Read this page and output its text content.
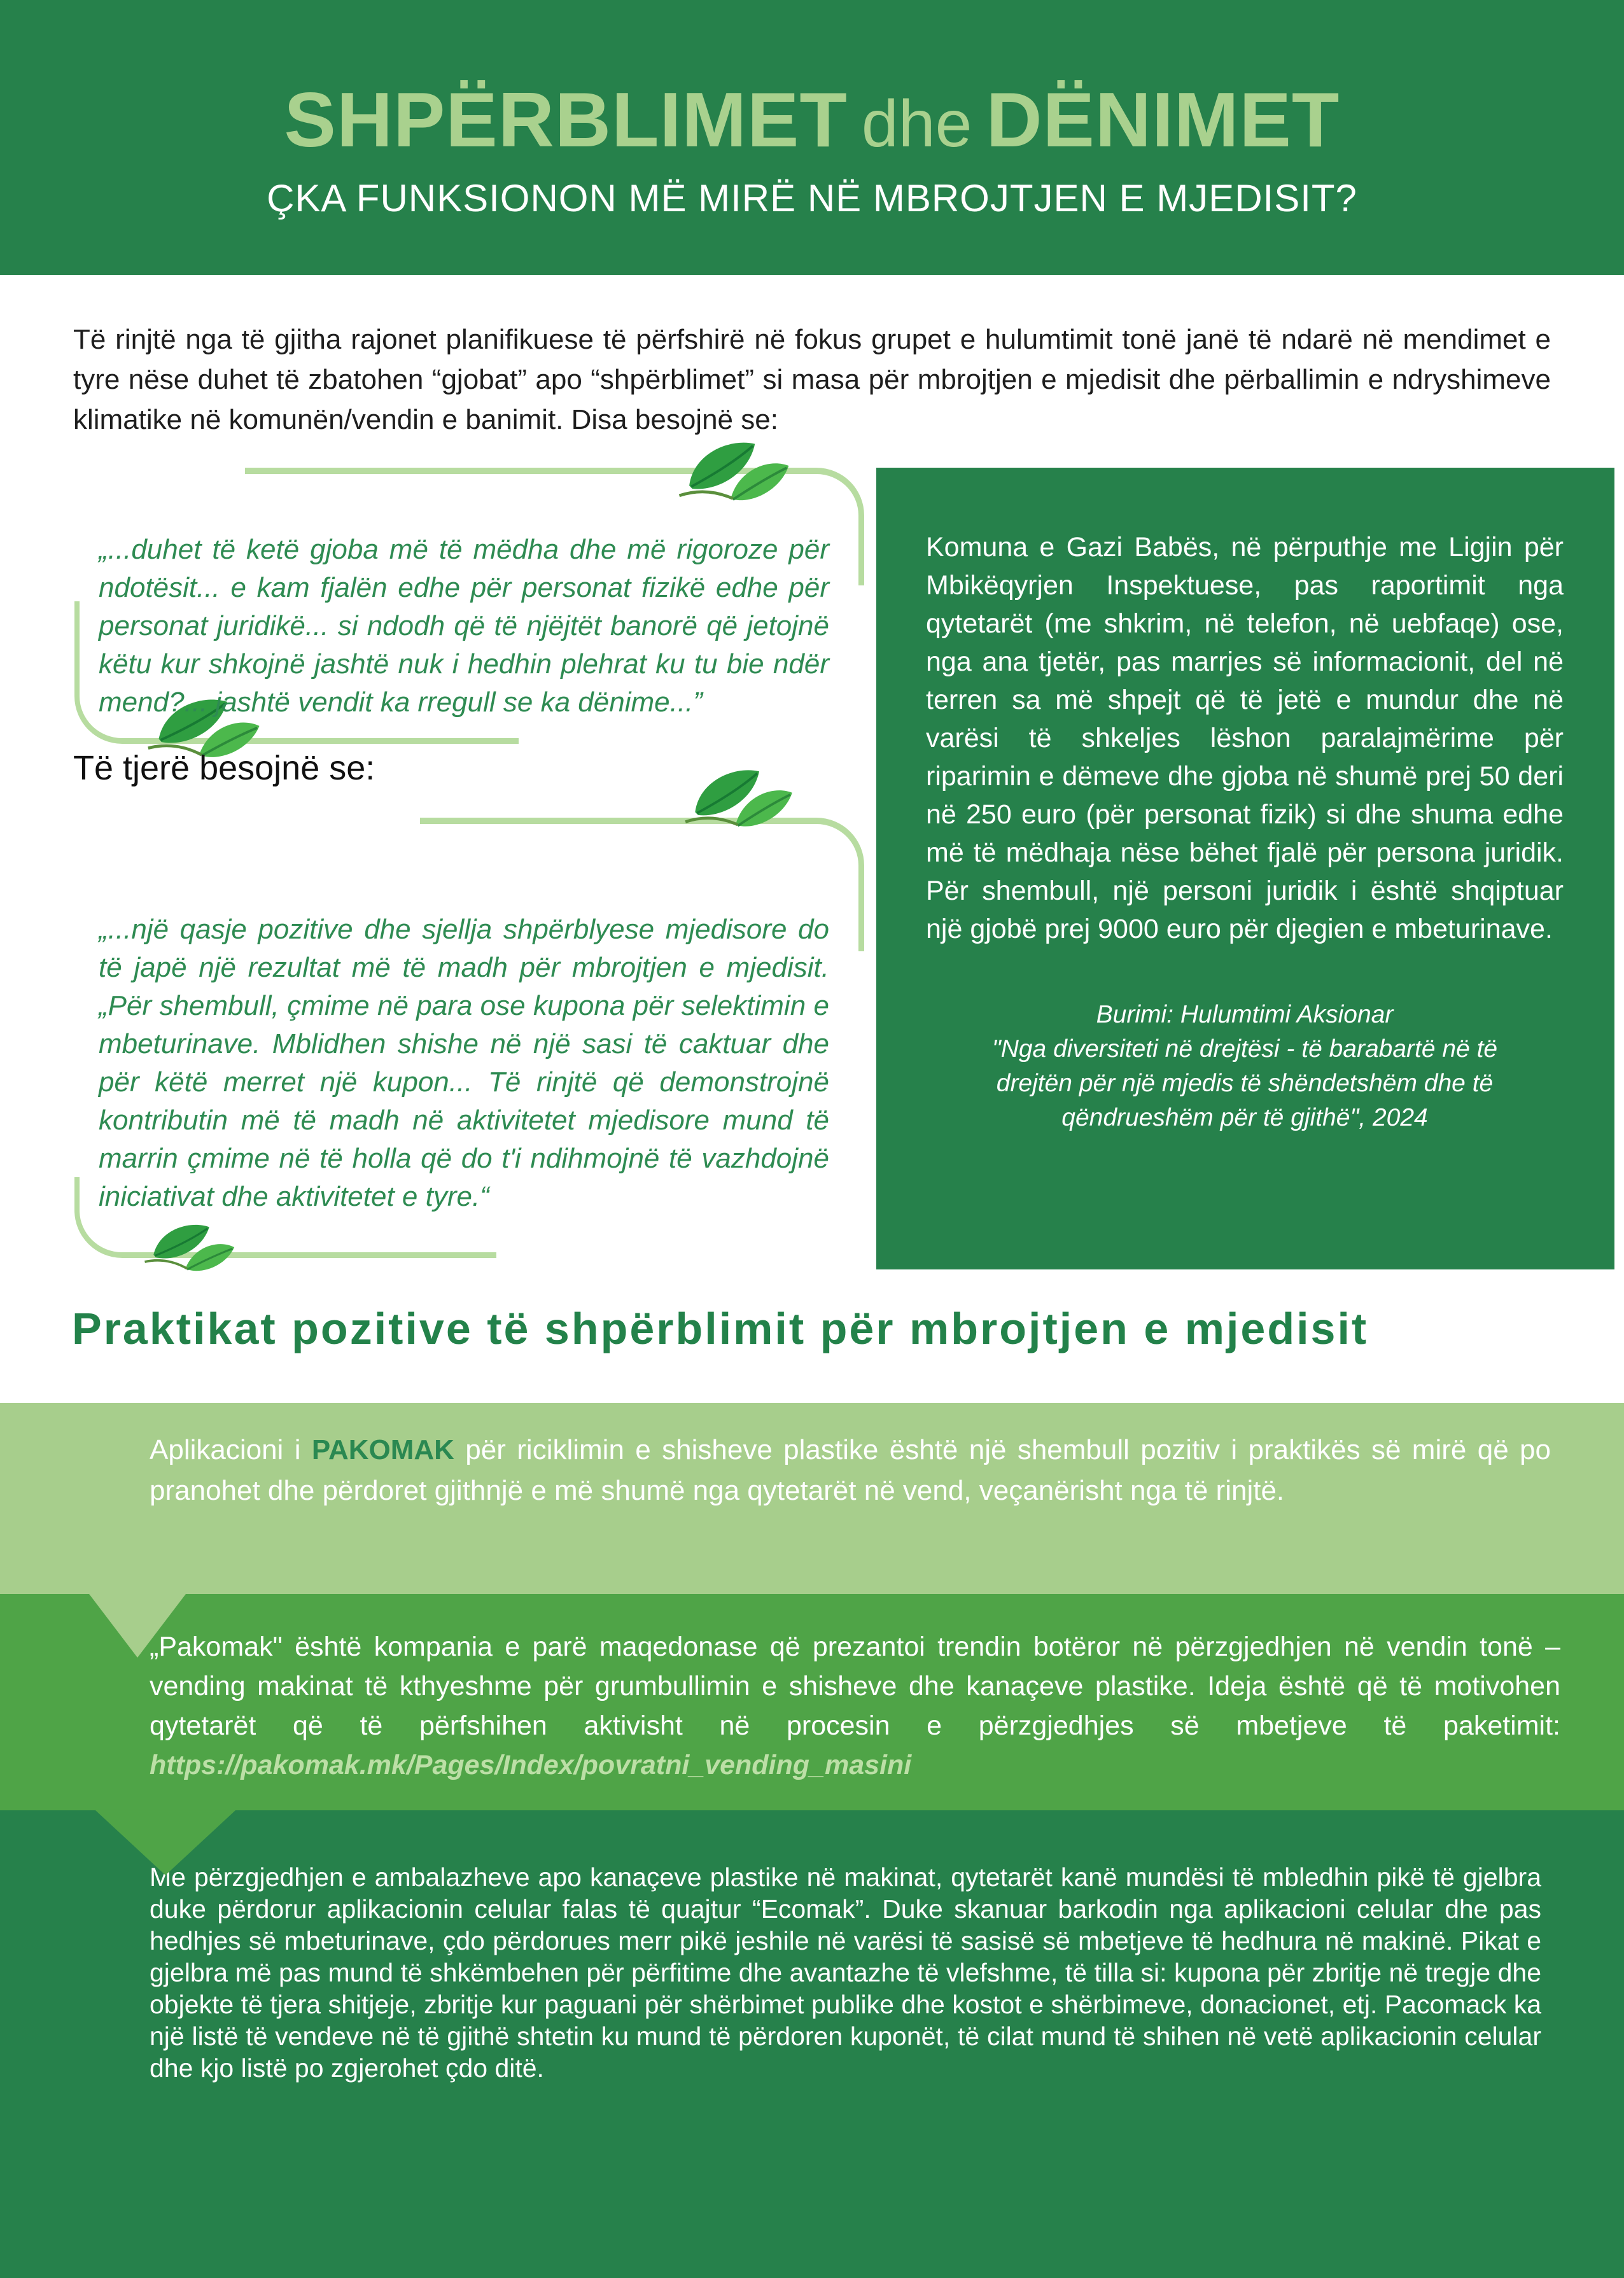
SHPËRBLIMET dhe DËNIMET
ÇKA FUNKSIONON MË MIRË NË MBROJTJEN E MJEDISIT?

Të rinjtë nga të gjitha rajonet planifikuese të përfshirë në fokus grupet e hulumtimit tonë janë të ndarë në mendimet e tyre nëse duhet të zbatohen “gjobat” apo “shpërblimet” si masa për mbrojtjen e mjedisit dhe përballimin e ndryshimeve klimatike në komunën/vendin e banimit. Disa besojnë se:

„...duhet të ketë gjoba më të mëdha dhe më rigoroze për ndotësit... e kam fjalën edhe për personat fizikë edhe për personat juridikë... si ndodh që të njëjtët banorë që jetojnë këtu kur shkojnë jashtë nuk i hedhin plehrat ku tu bie ndër mend?... jashtë vendit ka rregull se ka dënime...”

Të tjerë besojnë se:

„...një qasje pozitive dhe sjellja shpërblyese mjedisore do të japë një rezultat më të madh për mbrojtjen e mjedisit. „Për shembull, çmime në para ose kupona për selektimin e mbeturinave. Mblidhen shishe në një sasi të caktuar dhe për këtë merret një kupon... Të rinjtë që demonstrojnë kontributin më të madh në aktivitetet mjedisore mund të marrin çmime në të holla që do t'i ndihmojnë të vazhdojnë iniciativat dhe aktivitetet e tyre.“

Komuna e Gazi Babës, në përputhje me Ligjin për Mbikëqyrjen Inspektuese, pas raportimit nga qytetarët (me shkrim, në telefon, në uebfaqe) ose, nga ana tjetër, pas marrjes së informacionit, del në terren sa më shpejt që të jetë e mundur dhe në varësi të shkeljes lëshon paralajmërime për riparimin e dëmeve dhe gjoba në shumë prej 50 deri në 250 euro (për personat fizik) si dhe shuma edhe më të mëdhaja nëse bëhet fjalë për persona juridik. Për shembull, një personi juridik i është shqiptuar një gjobë prej 9000 euro për djegien e mbeturinave.

Burimi: Hulumtimi Aksionar
"Nga diversiteti në drejtësi - të barabartë në të drejtën për një mjedis të shëndetshëm dhe të qëndrueshëm për të gjithë", 2024
Praktikat pozitive të shpërblimit për mbrojtjen e mjedisit

Aplikacioni i PAKOMAK për riciklimin e shisheve plastike është një shembull pozitiv i praktikës së mirë që po pranohet dhe përdoret gjithnjë e më shumë nga qytetarët në vend, veçanërisht nga të rinjtë.

„Pakomak" është kompania e parë maqedonase që prezantoi trendin botëror në përzgjedhjen në vendin tonë – vending makinat të kthyeshme për grumbullimin e shisheve dhe kanaçeve plastike. Ideja është që të motivohen qytetarët që të përfshihen aktivisht në procesin e përzgjedhjes së mbetjeve të paketimit: https://pakomak.mk/Pages/Index/povratni_vending_masini

Me përzgjedhjen e ambalazheve apo kanaçeve plastike në makinat, qytetarët kanë mundësi të mbledhin pikë të gjelbra duke përdorur aplikacionin celular falas të quajtur “Ecomak”. Duke skanuar barkodin nga aplikacioni celular dhe pas hedhjes së mbeturinave, çdo përdorues merr pikë jeshile në varësi të sasisë së mbetjeve të hedhura në makinë. Pikat e gjelbra më pas mund të shkëmbehen për përfitime dhe avantazhe të vlefshme, të tilla si: kupona për zbritje në tregje dhe objekte të tjera shitjeje, zbritje kur paguani për shërbimet publike dhe kostot e shërbimeve, donacionet, etj. Pacomack ka një listë të vendeve në të gjithë shtetin ku mund të përdoren kuponët, të cilat mund të shihen në vetë aplikacionin celular dhe kjo listë po zgjerohet çdo ditë.
